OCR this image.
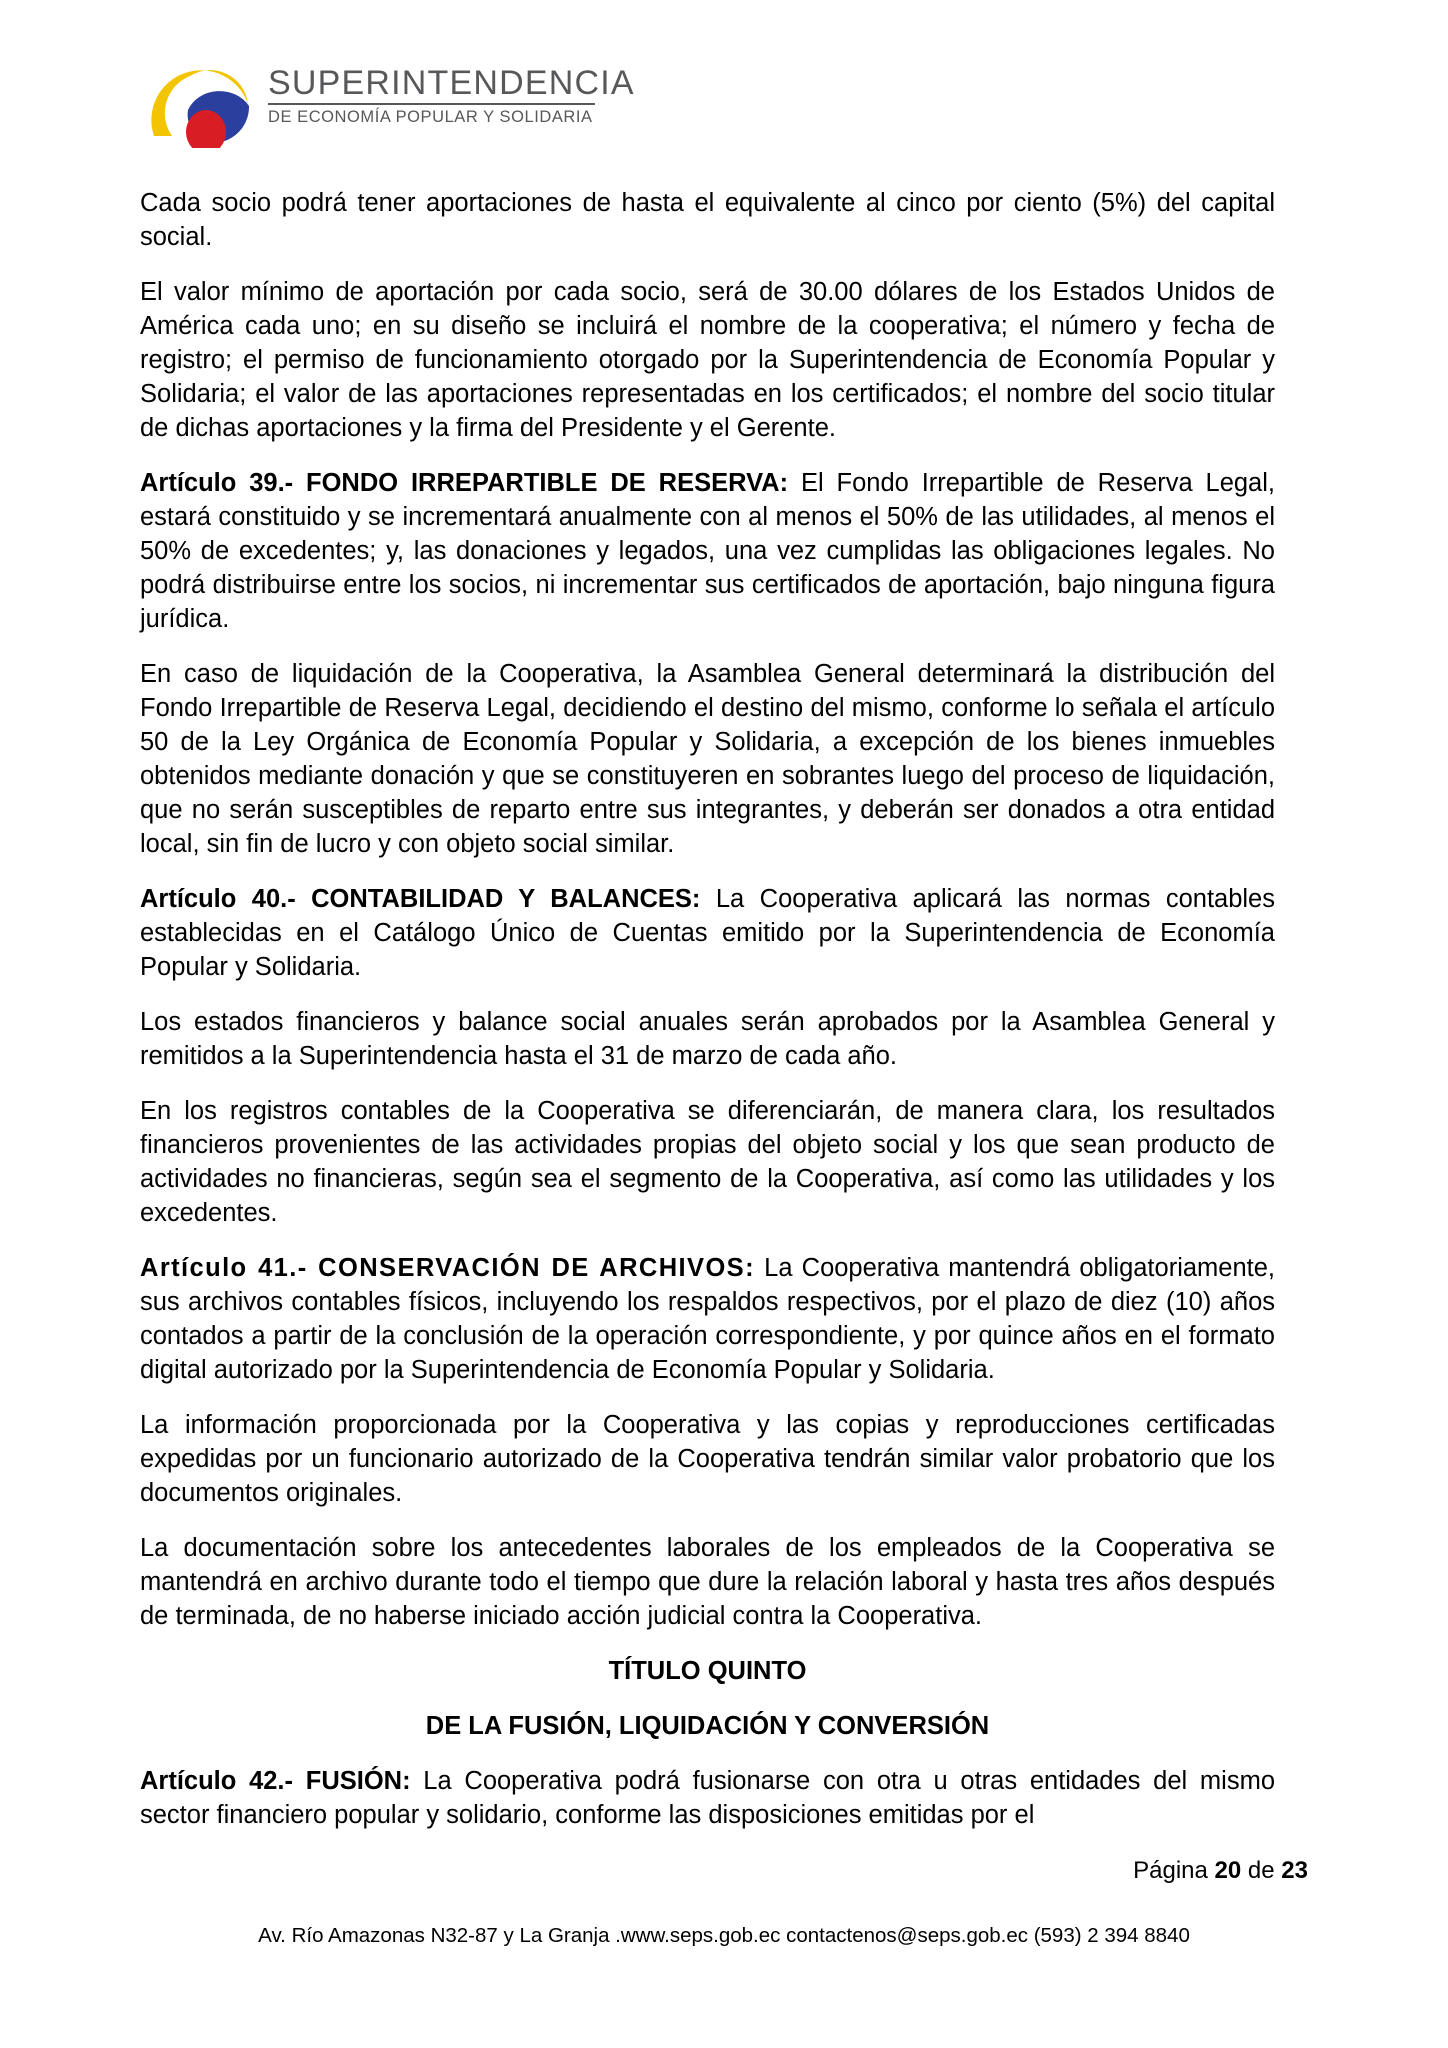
SUPERINTENDENCIA
DE ECONOMÍA POPULAR Y SOLIDARIA

Cada socio podrá tener aportaciones de hasta el equivalente al cinco por ciento (5%) del capital social.

El valor mínimo de aportación por cada socio, será de 30.00 dólares de los Estados Unidos de América cada uno; en su diseño se incluirá el nombre de la cooperativa; el número y fecha de registro; el permiso de funcionamiento otorgado por la Superintendencia de Economía Popular y Solidaria; el valor de las aportaciones representadas en los certificados; el nombre del socio titular de dichas aportaciones y la firma del Presidente y el Gerente.

Artículo 39.- FONDO IRREPARTIBLE DE RESERVA: El Fondo Irrepartible de Reserva Legal, estará constituido y se incrementará anualmente con al menos el 50% de las utilidades, al menos el 50% de excedentes; y, las donaciones y legados, una vez cumplidas las obligaciones legales. No podrá distribuirse entre los socios, ni incrementar sus certificados de aportación, bajo ninguna figura jurídica.

En caso de liquidación de la Cooperativa, la Asamblea General determinará la distribución del Fondo Irrepartible de Reserva Legal, decidiendo el destino del mismo, conforme lo señala el artículo 50 de la Ley Orgánica de Economía Popular y Solidaria, a excepción de los bienes inmuebles obtenidos mediante donación y que se constituyeren en sobrantes luego del proceso de liquidación, que no serán susceptibles de reparto entre sus integrantes, y deberán ser donados a otra entidad local, sin fin de lucro y con objeto social similar.

Artículo 40.- CONTABILIDAD Y BALANCES: La Cooperativa aplicará las normas contables establecidas en el Catálogo Único de Cuentas emitido por la Superintendencia de Economía Popular y Solidaria.

Los estados financieros y balance social anuales serán aprobados por la Asamblea General y remitidos a la Superintendencia hasta el 31 de marzo de cada año.

En los registros contables de la Cooperativa se diferenciarán, de manera clara, los resultados financieros provenientes de las actividades propias del objeto social y los que sean producto de actividades no financieras, según sea el segmento de la Cooperativa, así como las utilidades y los excedentes.

Artículo 41.- CONSERVACIÓN DE ARCHIVOS: La Cooperativa mantendrá obligatoriamente, sus archivos contables físicos, incluyendo los respaldos respectivos, por el plazo de diez (10) años contados a partir de la conclusión de la operación correspondiente, y por quince años en el formato digital autorizado por la Superintendencia de Economía Popular y Solidaria.

La información proporcionada por la Cooperativa y las copias y reproducciones certificadas expedidas por un funcionario autorizado de la Cooperativa tendrán similar valor probatorio que los documentos originales.

La documentación sobre los antecedentes laborales de los empleados de la Cooperativa se mantendrá en archivo durante todo el tiempo que dure la relación laboral y hasta tres años después de terminada, de no haberse iniciado acción judicial contra la Cooperativa.

TÍTULO QUINTO

DE LA FUSIÓN, LIQUIDACIÓN Y CONVERSIÓN

Artículo 42.- FUSIÓN: La Cooperativa podrá fusionarse con otra u otras entidades del mismo sector financiero popular y solidario, conforme las disposiciones emitidas por el

Página 20 de 23
Av. Río Amazonas N32-87 y La Granja .www.seps.gob.ec contactenos@seps.gob.ec (593) 2 394 8840
